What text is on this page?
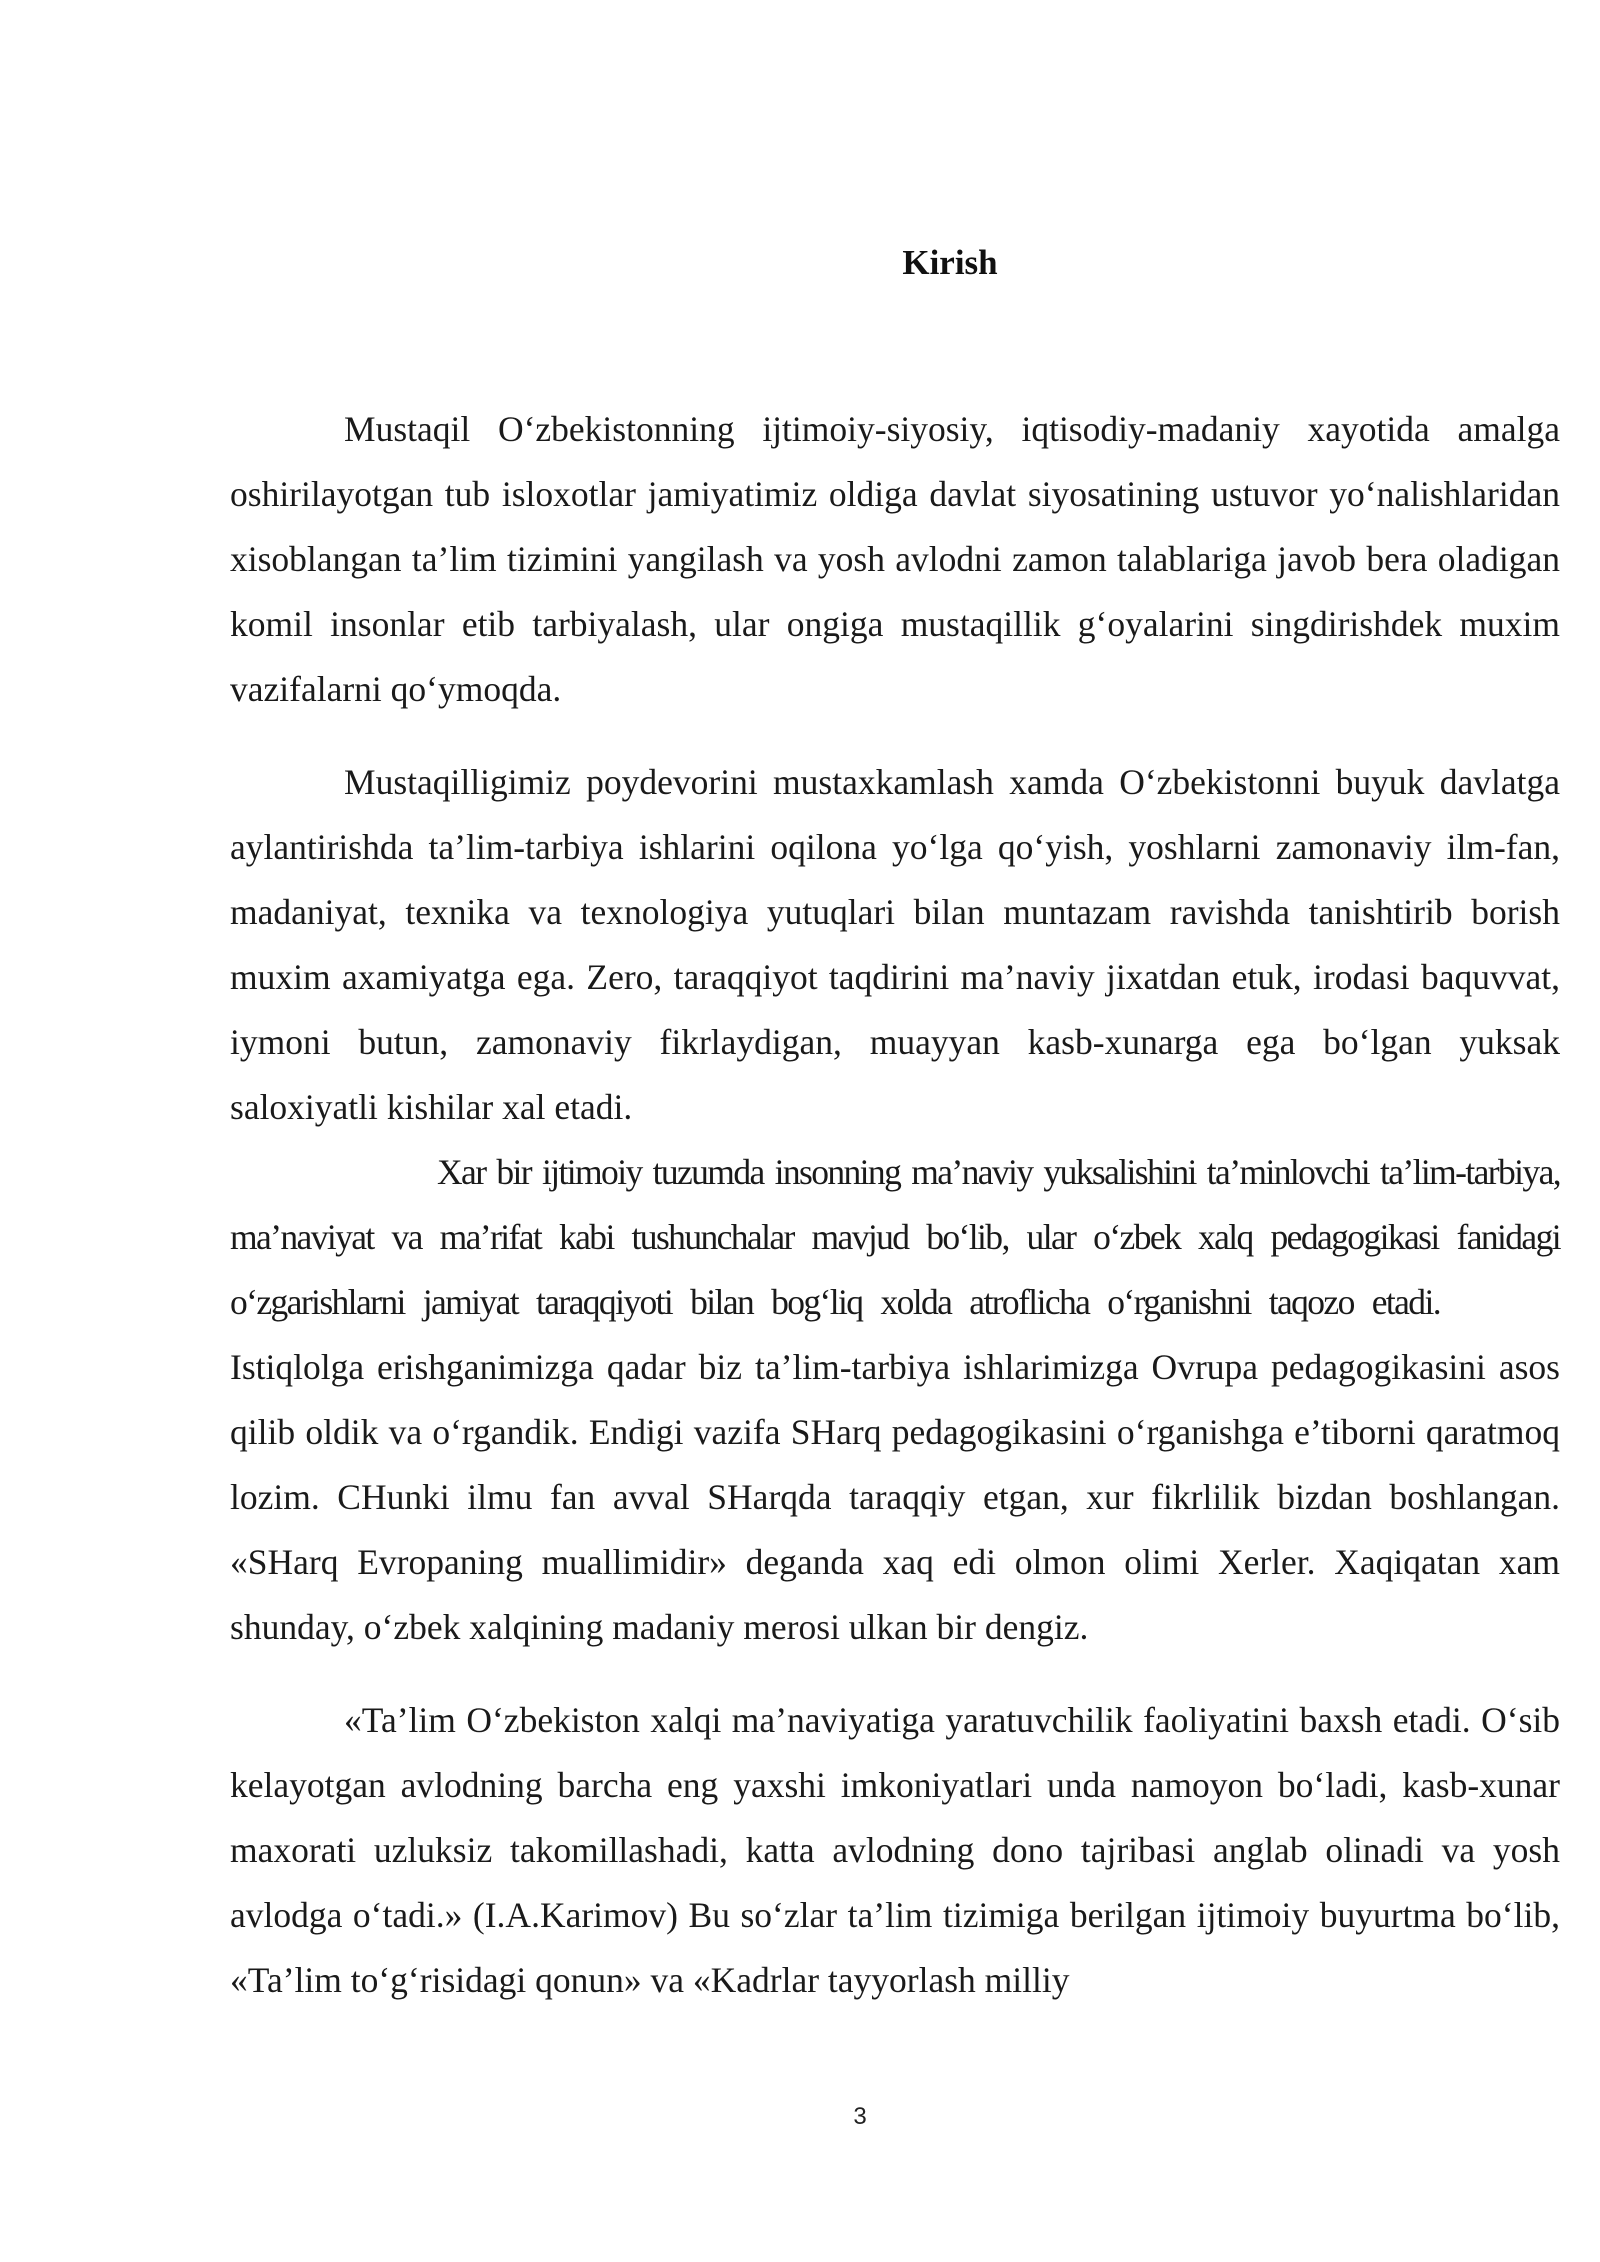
Kirish

Mustaqil O‘zbekistonning ijtimoiy-siyosiy, iqtisodiy-madaniy xayotida amalga oshirilayotgan tub isloxotlar jamiyatimiz oldiga davlat siyosatining ustuvor yo‘nalishlaridan xisoblangan ta’lim tizimini yangilash va yosh avlodni zamon talablariga javob bera oladigan komil insonlar etib tarbiyalash, ular ongiga mustaqillik g‘oyalarini singdirishdek muxim vazifalarni qo‘ymoqda.

Mustaqilligimiz poydevorini mustaxkamlash xamda O‘zbekistonni buyuk davlatga aylantirishda ta’lim-tarbiya ishlarini oqilona yo‘lga qo‘yish, yoshlarni zamonaviy ilm-fan, madaniyat, texnika va texnologiya yutuqlari bilan muntazam ravishda tanishtirib borish muxim axamiyatga ega. Zero, taraqqiyot taqdirini ma’naviy jixatdan etuk, irodasi baquvvat, iymoni butun, zamonaviy fikrlaydigan, muayyan kasb-xunarga ega bo‘lgan yuksak saloxiyatli kishilar xal etadi.

Xar bir ijtimoiy tuzumda insonning ma’naviy yuksalishini ta’minlovchi ta’lim-tarbiya, ma’naviyat va ma’rifat kabi tushunchalar mavjud bo‘lib, ular o‘zbek xalq pedagogikasi fanidagi o‘zgarishlarni jamiyat taraqqiyoti bilan bog‘liq xolda atroflicha o‘rganishni taqozo etadi.Istiqlolga erishganimizga qadar biz ta’lim-tarbiya ishlarimizga Ovrupa pedagogikasini asos qilib oldik va o‘rgandik. Endigi vazifa SHarq pedagogikasini o‘rganishga e’tiborni qaratmoq lozim. CHunki ilmu fan avval SHarqda taraqqiy etgan, xur fikrlilik bizdan boshlangan. «SHarq Evropaning muallimidir» deganda xaq edi olmon olimi Xerler. Xaqiqatan xam shunday, o‘zbek xalqining madaniy merosi ulkan bir dengiz.

«Ta’lim O‘zbekiston xalqi ma’naviyatiga yaratuvchilik faoliyatini baxsh etadi. O‘sib kelayotgan avlodning barcha eng yaxshi imkoniyatlari unda namoyon bo‘ladi, kasb-xunar maxorati uzluksiz takomillashadi, katta avlodning dono tajribasi anglab olinadi va yosh avlodga o‘tadi.» (I.A.Karimov) Bu so‘zlar ta’lim tizimiga berilgan ijtimoiy buyurtma bo‘lib, «Ta’lim to‘g‘risidagi qonun» va «Kadrlar tayyorlash milliy

3
